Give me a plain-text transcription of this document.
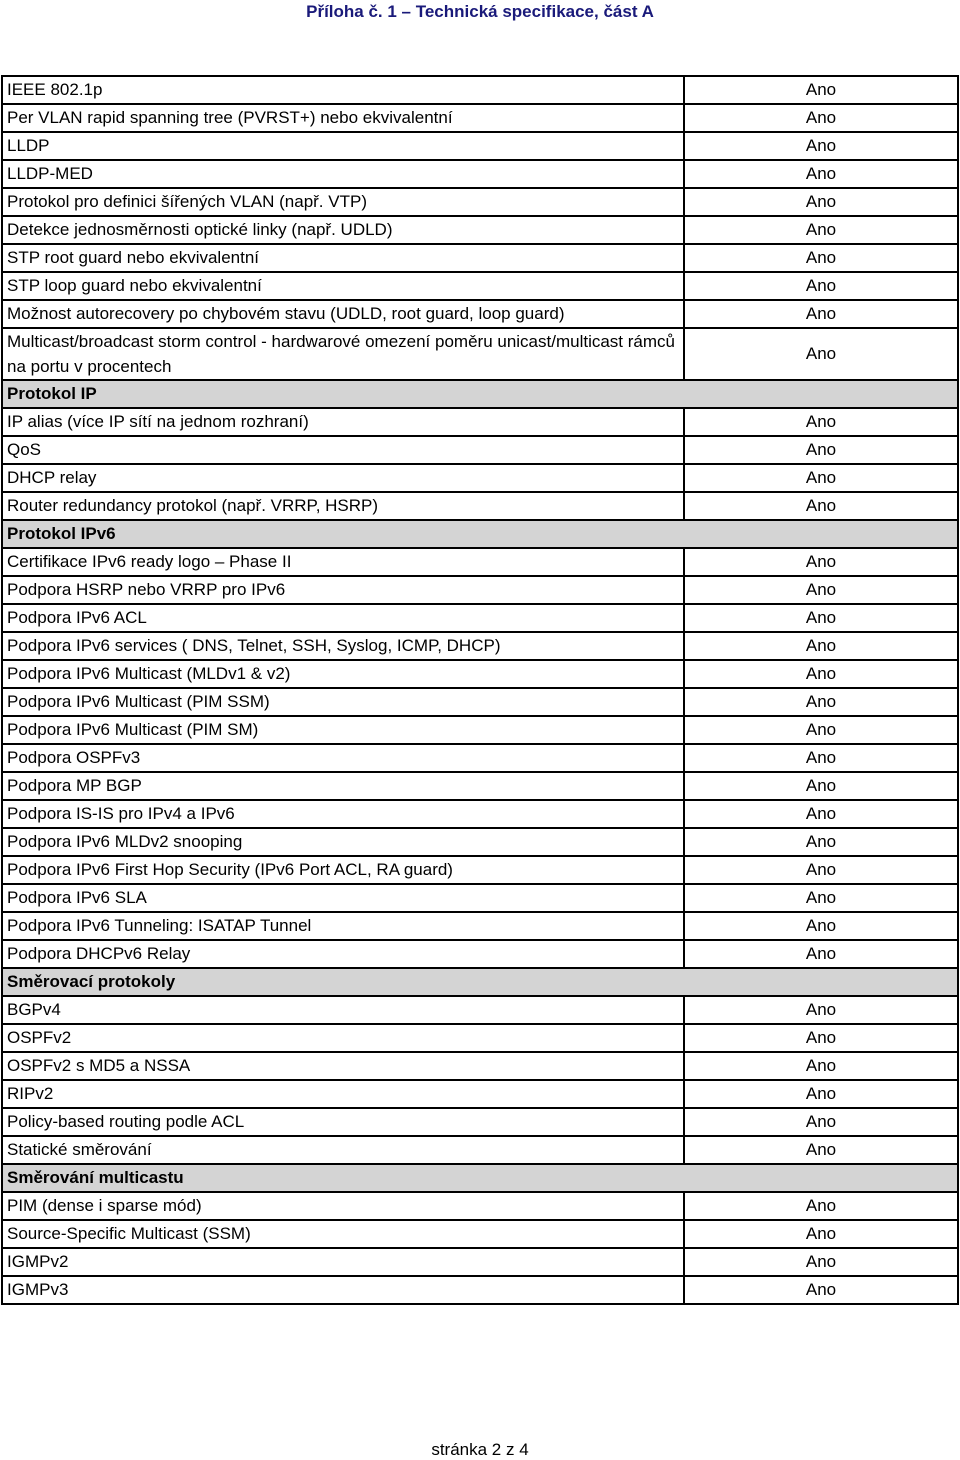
Příloha č. 1 – Technická specifikace, část A
IEEE 802.1p	Ano
Per VLAN rapid spanning tree (PVRST+) nebo ekvivalentní	Ano
LLDP	Ano
LLDP-MED	Ano
Protokol pro definici šířených VLAN (např. VTP)	Ano
Detekce jednosměrnosti optické linky (např. UDLD)	Ano
STP root guard nebo ekvivalentní	Ano
STP loop guard nebo ekvivalentní	Ano
Možnost autorecovery po chybovém stavu (UDLD, root guard, loop guard)	Ano
Multicast/broadcast storm control - hardwarové omezení poměru unicast/multicast rámců na portu v procentech	Ano
Protokol IP	
IP alias (více IP sítí na jednom rozhraní)	Ano
QoS	Ano
DHCP relay	Ano
Router redundancy protokol (např. VRRP, HSRP)	Ano
Protokol IPv6	
Certifikace IPv6 ready logo – Phase II	Ano
Podpora HSRP nebo VRRP pro IPv6	Ano
Podpora IPv6 ACL	Ano
Podpora IPv6 services ( DNS, Telnet, SSH, Syslog, ICMP, DHCP)	Ano
Podpora IPv6 Multicast (MLDv1 & v2)	Ano
Podpora IPv6 Multicast (PIM SSM)	Ano
Podpora IPv6 Multicast (PIM SM)	Ano
Podpora OSPFv3	Ano
Podpora MP BGP	Ano
Podpora IS-IS pro IPv4 a IPv6	Ano
Podpora IPv6 MLDv2 snooping	Ano
Podpora IPv6 First Hop Security (IPv6 Port ACL, RA guard)	Ano
Podpora IPv6 SLA	Ano
Podpora IPv6 Tunneling: ISATAP Tunnel	Ano
Podpora DHCPv6 Relay	Ano
Směrovací protokoly	
BGPv4	Ano
OSPFv2	Ano
OSPFv2 s MD5 a NSSA	Ano
RIPv2	Ano
Policy-based routing podle ACL	Ano
Statické směrování	Ano
Směrování multicastu	
PIM (dense i sparse mód)	Ano
Source-Specific Multicast (SSM)	Ano
IGMPv2	Ano
IGMPv3	Ano
stránka 2 z 4
